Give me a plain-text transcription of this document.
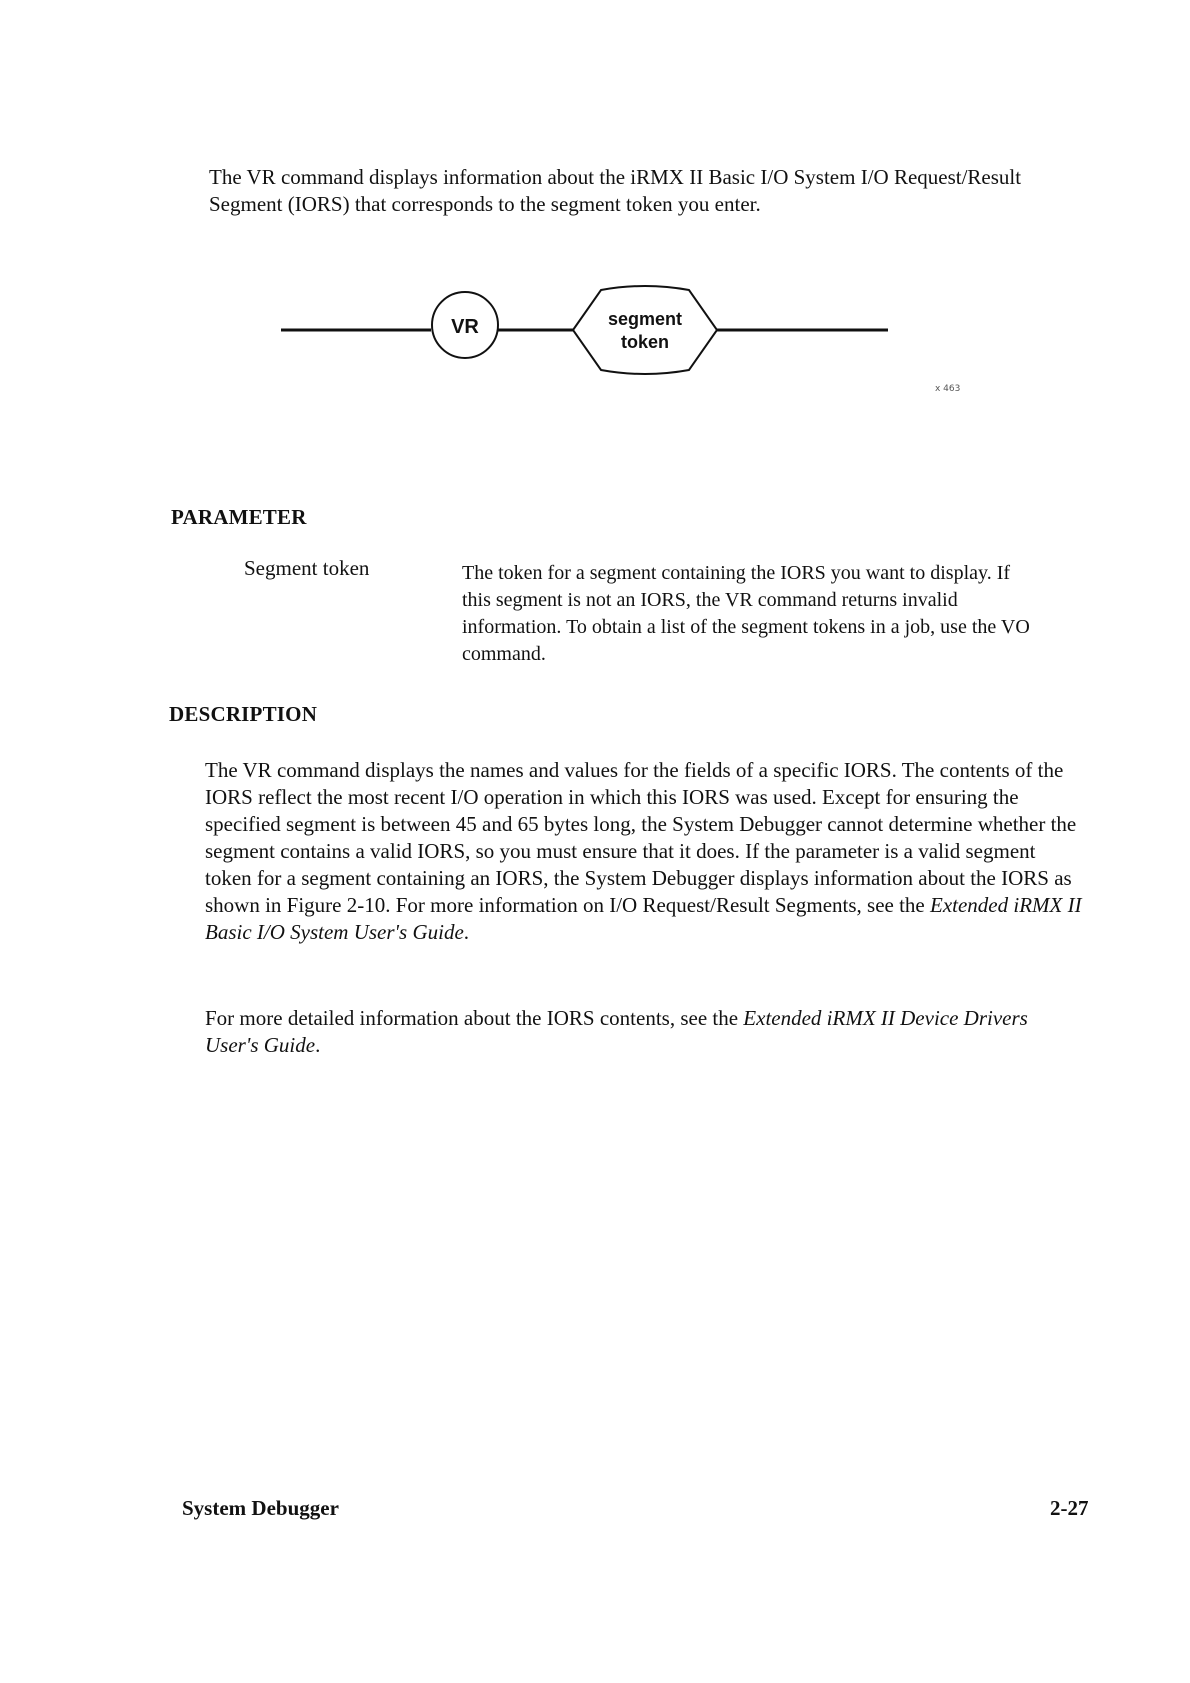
The VR command displays information about the iRMX II Basic I/O System I/O Request/Result Segment (IORS) that corresponds to the segment token you enter.

VR	segment
token
x 463
PARAMETER
Segment token	The token for a segment containing the IORS you want to display. If this segment is not an IORS, the VR command returns invalid information. To obtain a list of the segment tokens in a job, use the VO command.

DESCRIPTION

The VR command displays the names and values for the fields of a specific IORS. The contents of the IORS reflect the most recent I/O operation in which this IORS was used. Except for ensuring the specified segment is between 45 and 65 bytes long, the System Debugger cannot determine whether the segment contains a valid IORS, so you must ensure that it does. If the parameter is a valid segment token for a segment containing an IORS, the System Debugger displays information about the IORS as shown in Figure 2-10. For more information on I/O Request/Result Segments, see the Extended iRMX II Basic I/O System User's Guide.

For more detailed information about the IORS contents, see the Extended iRMX II Device Drivers User's Guide.

System Debugger	2-27
